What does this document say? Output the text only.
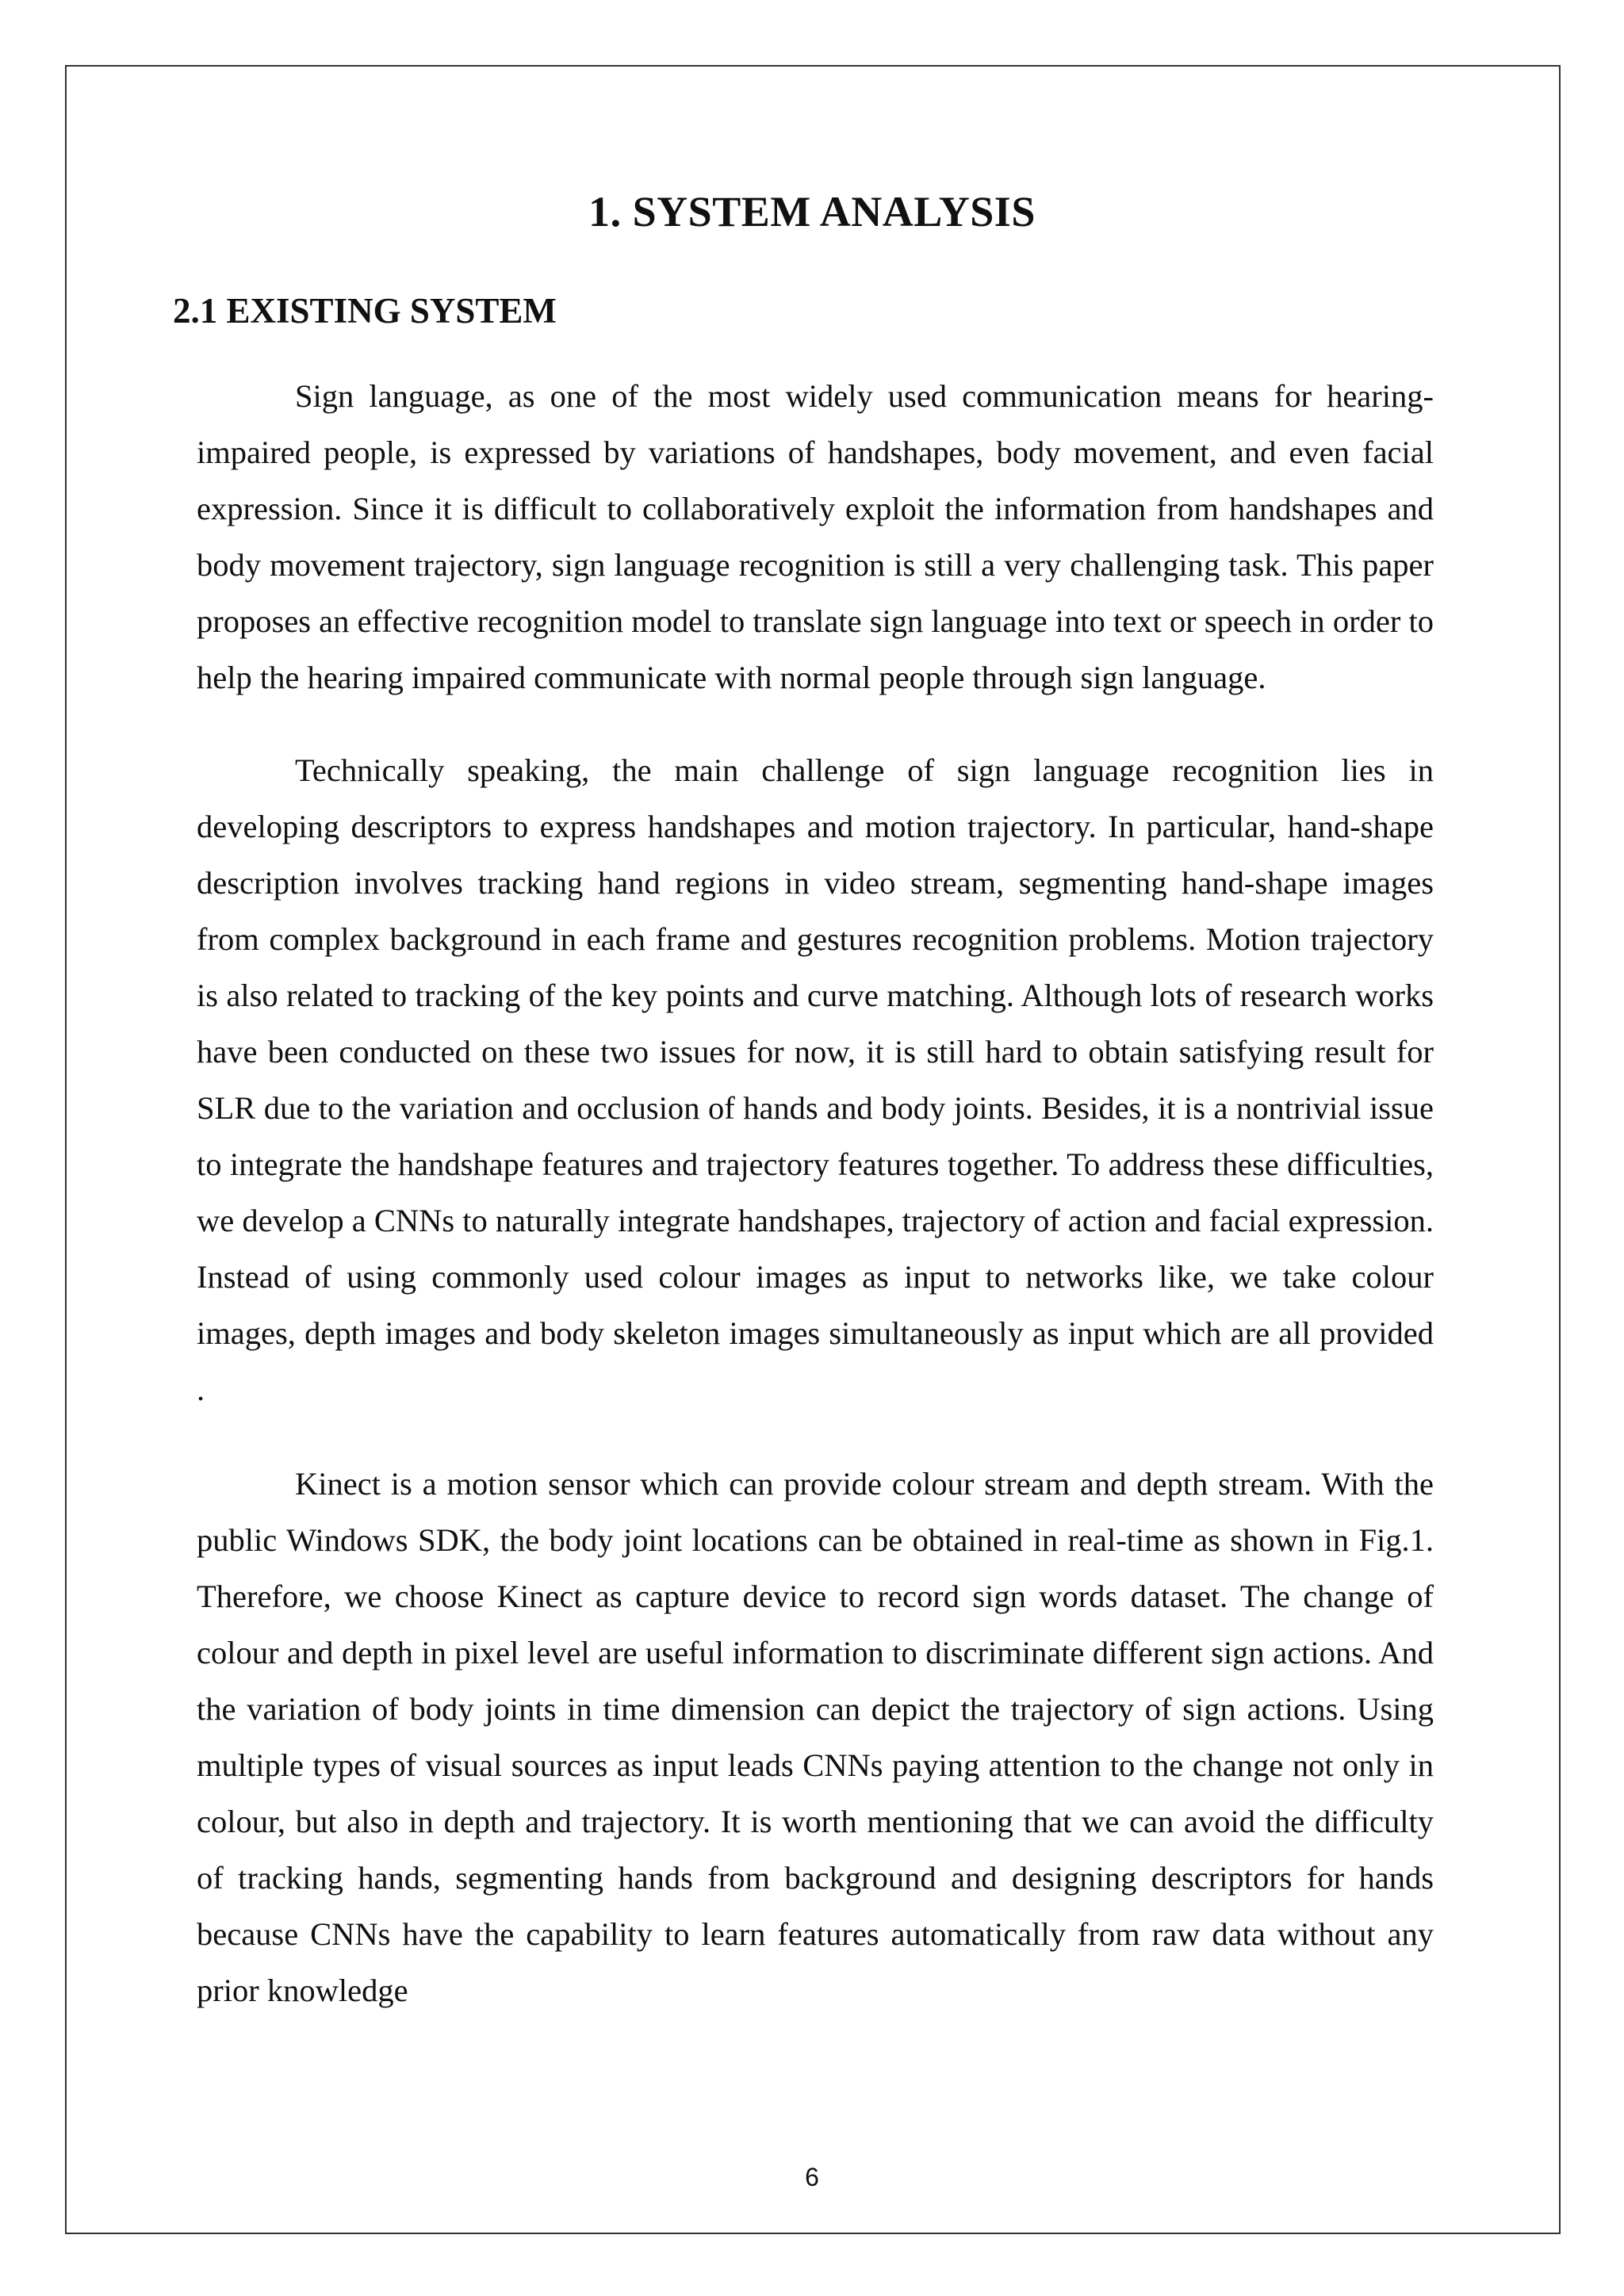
1. SYSTEM ANALYSIS
2.1 EXISTING SYSTEM

Sign language, as one of the most widely used communication means for hearing-impaired people, is expressed by variations of handshapes, body movement, and even facial expression. Since it is difficult to collaboratively exploit the information from handshapes and body movement trajectory, sign language recognition is still a very challenging task. This paper proposes an effective recognition model to translate sign language into text or speech in order to help the hearing impaired communicate with normal people through sign language.

Technically speaking, the main challenge of sign language recognition lies in developing descriptors to express handshapes and motion trajectory. In particular, hand-shape description involves tracking hand regions in video stream, segmenting hand-shape images from complex background in each frame and gestures recognition problems. Motion trajectory is also related to tracking of the key points and curve matching. Although lots of research works have been conducted on these two issues for now, it is still hard to obtain satisfying result for SLR due to the variation and occlusion of hands and body joints. Besides, it is a nontrivial issue to integrate the handshape features and trajectory features together. To address these difficulties, we develop a CNNs to naturally integrate handshapes, trajectory of action and facial expression. Instead of using commonly used colour images as input to networks like, we take colour images, depth images and body skeleton images simultaneously as input which are all provided .

Kinect is a motion sensor which can provide colour stream and depth stream. With the public Windows SDK, the body joint locations can be obtained in real-time as shown in Fig.1. Therefore, we choose Kinect as capture device to record sign words dataset. The change of colour and depth in pixel level are useful information to discriminate different sign actions. And the variation of body joints in time dimension can depict the trajectory of sign actions. Using multiple types of visual sources as input leads CNNs paying attention to the change not only in colour, but also in depth and trajectory. It is worth mentioning that we can avoid the difficulty of tracking hands, segmenting hands from background and designing descriptors for hands because CNNs have the capability to learn features automatically from raw data without any prior knowledge

6
